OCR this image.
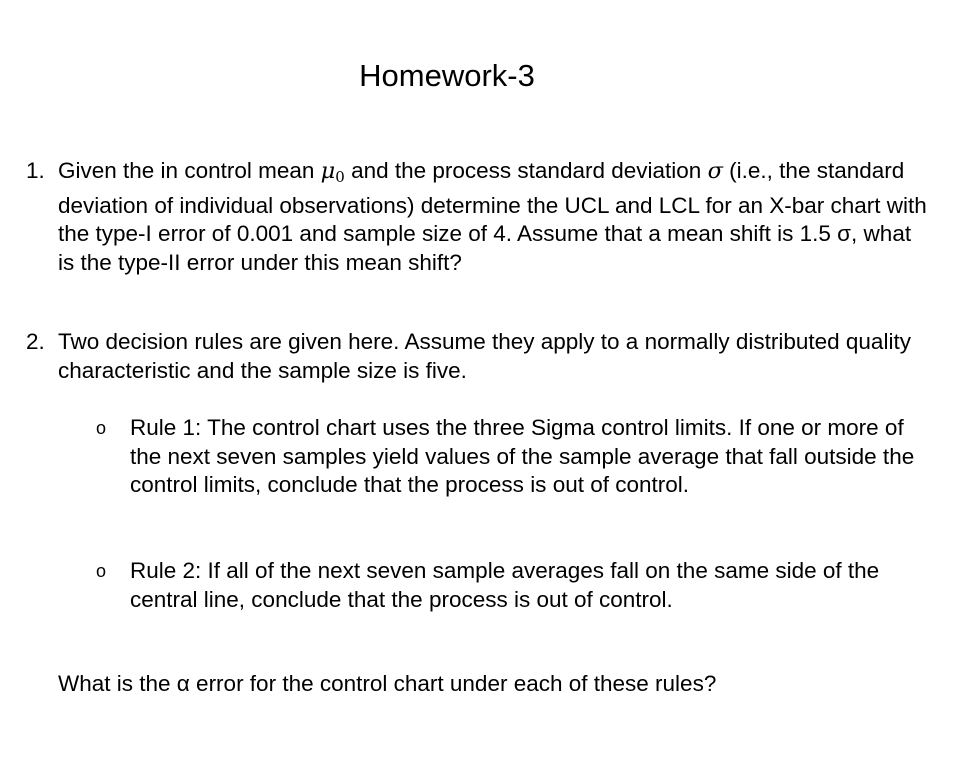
Homework-3
1. Given the in control mean $\mu_0$ and the process standard deviation σ (i.e., the standard deviation of individual observations) determine the UCL and LCL for an X-bar chart with the type-I error of 0.001 and sample size of 4. Assume that a mean shift is 1.5 σ, what is the type-II error under this mean shift?
2. Two decision rules are given here. Assume they apply to a normally distributed quality characteristic and the sample size is five.
o	Rule 1: The control chart uses the three Sigma control limits. If one or more of the next seven samples yield values of the sample average that fall outside the control limits, conclude that the process is out of control.
o	Rule 2: If all of the next seven sample averages fall on the same side of the central line, conclude that the process is out of control.
What is the α error for the control chart under each of these rules?
